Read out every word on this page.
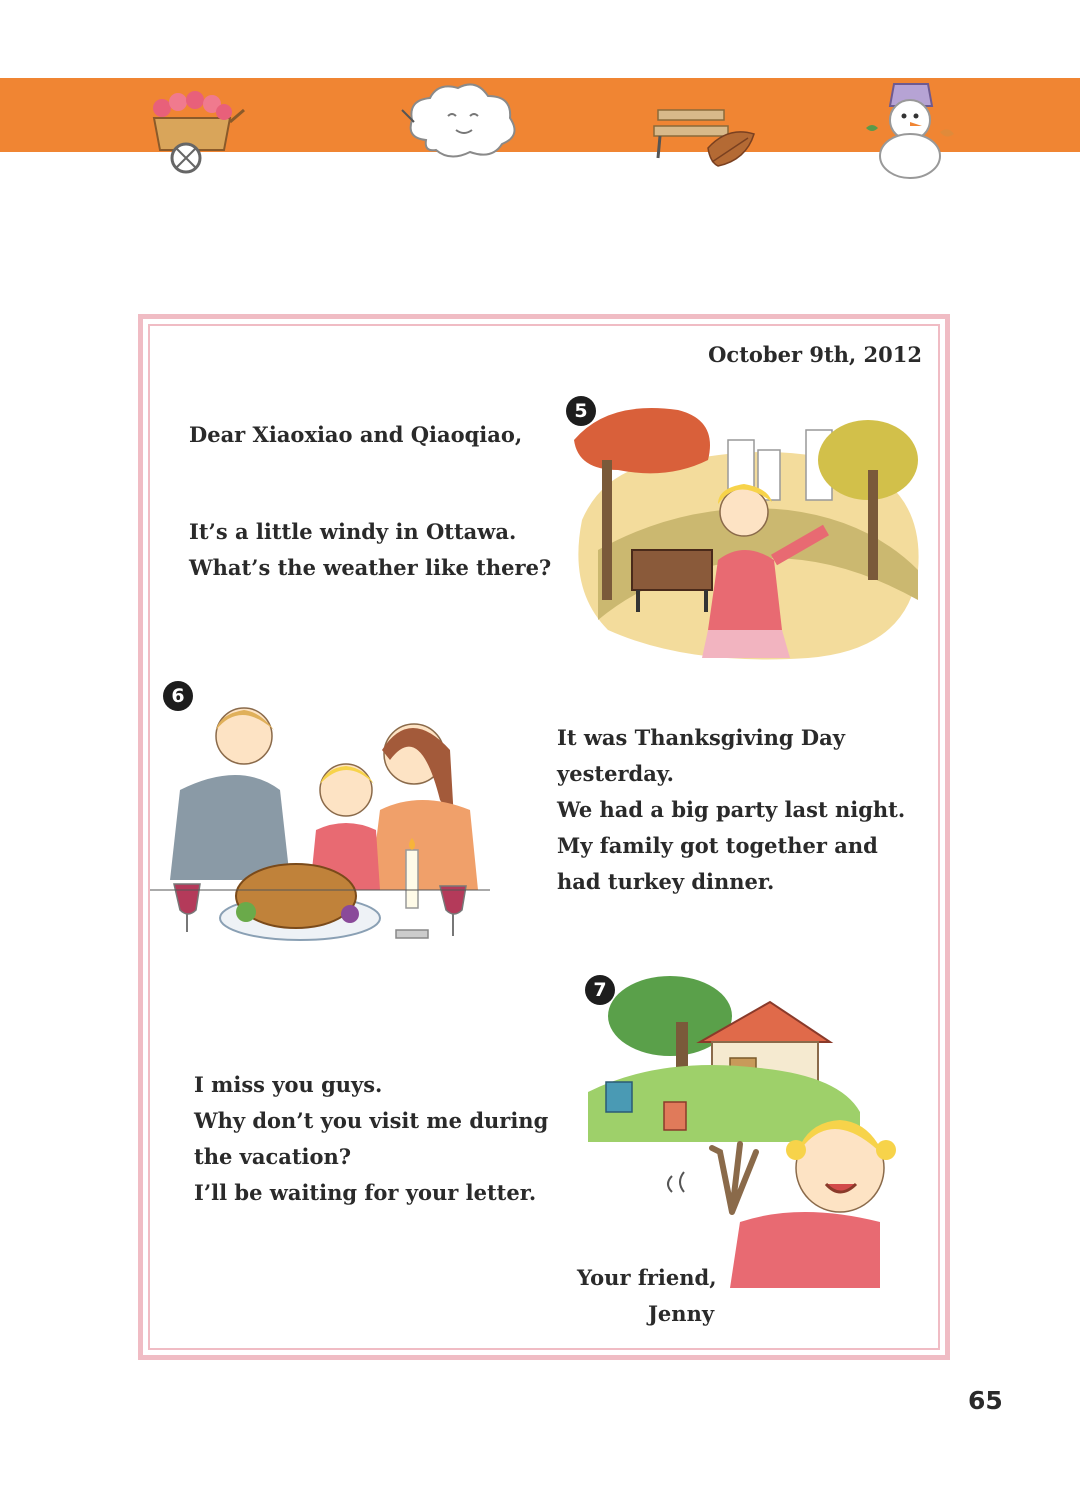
October 9th, 2012
Dear Xiaoxiao and Qiaoqiao,
It’s a little windy in Ottawa.
What’s the weather like there?
5
6
It was Thanksgiving Day
yesterday.
We had a big party last night.
My family got together and
had turkey dinner.
7
I miss you guys.
Why don’t you visit me during
the vacation?
I’ll be waiting for your letter.
Your friend,
Jenny
65
